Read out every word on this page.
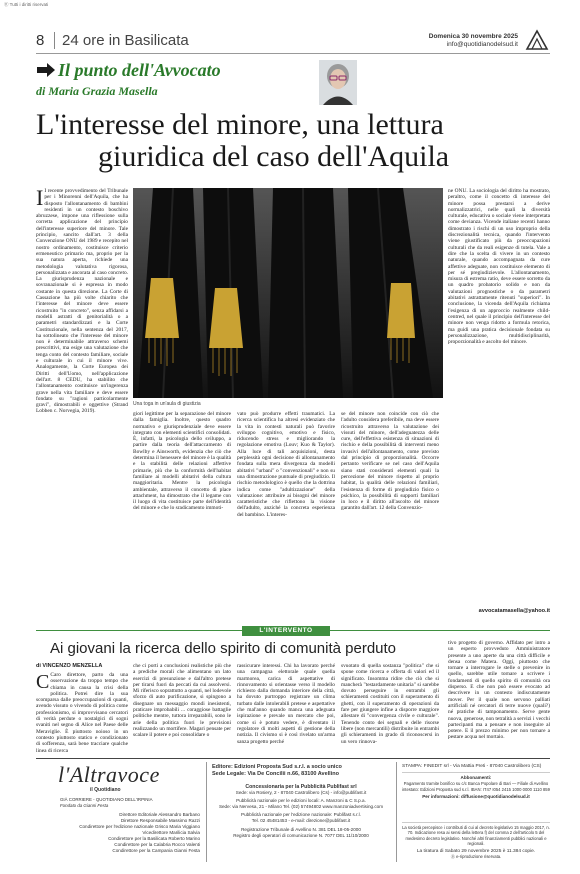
Ⓡ Tutti i diritti riservati
8 24 ore in Basilicata	Domenica 30 novembre 2025
info@quotidianodelsud.it
Il punto dell'Avvocato
di Maria Grazia Masella
L'interesse del minore, una lettura
giuridica del caso dell'Aquila
I I recente provvedimento del Tribunale per i Minorenni dell'Aquila, che ha disposto l'allontanamento di bambini residenti in un contesto boschivo abruzzese, impone una riflessione sulla corretta applicazione del principio dell'interesse superiore del minore. Tale principio, sancito dall'art. 3 della Convenzione ONU del 1989 e recepito nel nostro ordinamento, costituisce criterio ermeneutico primario ma, proprio per la sua natura aperta, richiede una metodologia valutativa rigorosa, personalizzata e ancorata al caso concreto. La giurisprudenza nazionale e sovranazionale si è espressa in modo costante in questa direzione. La Corte di Cassazione ha più volte chiarito che l'interesse del minore deve essere ricostruito "in concreto", senza affidarsi a modelli astratti di genitorialità o a parametri standardizzati e la Corte Costituzionale, nella sentenza del 2017, ha sottolineato che l'interesse del minore non è determinabile attraverso schemi prescrittivi, ma esige una valutazione che tenga conto del contesto familiare, sociale e culturale in cui il minore vive. Analogamente, la Corte Europea dei Diritti dell'Uomo, nell'applicazione dell'art. 8 CEDU, ha stabilito che l'allontanamento costituisce un'ingerenza grave nella vita familiare e deve essere fondato su "ragioni particolarmente gravi", dimostrabili e oggettive (Strand Lobben c. Norvegia, 2019).
Una toga in un'aula di giustizia
giori legittime per la separazione del minore dalla famiglia. Inoltre, questo quadro normativo e giurisprudenziale deve essere integrato con elementi scientifici consolidati. È, infatti, la psicologia dello sviluppo, a partire dalla teoria dell'attaccamento di Bowlby e Ainsworth, evidenzia che ciò che determina il benessere del minore è la qualità e la stabilità delle relazioni affettive primarie, più che la conformità dell'habitat familiare ai modelli abitativi della cultura maggioritaria. Mentre la psicologia ambientale, attraverso il concetto di place attachment, ha dimostrato che il legame con il luogo di vita costituisce parte dell'identità del minore e che lo sradicamento immoti-
vato può produrre effetti traumatici. La ricerca scientifica ha altresì evidenziato che la vita in contesti naturali può favorire sviluppo cognitivo, emotivo e fisico, riducendo stress e migliorando la regolazione emotiva (Louv; Kuo & Taylor). Alla luce di tali acquisizioni, desta perplessità ogni decisione di allontanamento fondata sulla mera divergenza da modelli abitativi "urbani" o "convenzionali" e non su una dimostrazione puntuale di pregiudizio. Il rischio metodologico è quello che la dottrina indica come "adultizzazione" della valutazione: attribuire ai bisogni del minore caratteristiche che riflettono la visione dell'adulto, anziché la concreta esperienza del bambino. L'interes-
se del minore non coincide con ciò che l'adulto considera preferibile, ma deve essere ricostruito attraverso la valutazione dei vissuti del minore, dell'adeguatezza delle cure, dell'effettiva esistenza di situazioni di rischio e della possibilità di interventi meno invasivi dell'allontanamento, come previsto dal principio di proporzionalità. Occorre pertanto verificare se nel caso dell'Aquila siano stati considerati elementi quali la percezione del minore rispetto al proprio habitat, la qualità delle relazioni familiari, l'esistenza di forme di pregiudizio fisico o psichico, la possibilità di supporti familiari in loco e il diritto all'ascolto del minore garantito dall'art. 12 della Convenzio-
ne ONU. La sociologia del diritto ha mostrato, peraltro, come il concetto di interesse del minore possa prestarsi a derive normalizzatrici, nelle quali la diversità culturale, educativa o sociale viene interpretata come devianza. Vicende italiane recenti hanno dimostrato i rischi di un uso improprio della discrezionalità tecnica, quando l'intervento viene giustificato più da preoccupazioni culturali che da reali esigenze di tutela. Vale a dire che la scelta di vivere in un contesto naturale, quando accompagnata da cure affettive adeguate, non costituisce elemento di per sé pregiudizievole. L'allontanamento, misura di estrema ratio, deve essere sorretto da un quadro probatorio solido e non da valutazioni prognostiche o da parametri abitativi astrattamente ritenuti "superiori". In conclusione, la vicenda dell'Aquila richiama l'esigenza di un approccio realmente child-centred, nel quale il principio dell'interesse del minore non venga ridotto a formula retorica, ma guidi una pratica decisionale fondata su personalizzazione, multidisciplinarità, proporzionalità e ascolto del minore.
avvocatamasella@yahoo.it
L'INTERVENTO
Ai giovani la ricerca dello spirito di comunità perduto
di VINCENZO MENZELLA
C Caro direttore, parto da una osservazione da troppo tempo che chiama in causa la crisi della politica. Potrei dire la sua scomparsa dalle preoccupazioni di quanti, avendo vissuto o vivendo di politica come professionismo, si improvvisano cercatori di verità perdute o nostalgici di sogni svaniti nel segno di Alice nel Paese delle Meraviglie. È piuttosto noioso in un contesto piuttosto statico e condizionato di sofferenza, sarà bene tracciare qualche linea di ricerca
che ci porti a conclusioni realistiche più che a prediche morali che alimentano un lato esercizi di presunzione e dall'altro pretese per tirarsi fuori da peccati da cui assolversi. Mi riferisco soprattutto a quanti, nel lodevole sforzo di auto purificazione, si spingono a disegnare un messaggio mondi inesistenti, praticare improbabili ... coraggiose battaglie politiche mentre, tuttora irreparabili, sono le arie della politica fuori le previsioni realizzando un mortifere. Magari pensate per scalare il potere e poi consolidare o
rassicurare interessi. Chi ha lavorato perché una campagna elettorale quale quella marmorea, carica di aspettative di rinnovamento si orientasse verso il modello richiesto dalla domanda interiore della città, ha dovuto purtroppo registrare un clima turbato dalle intolerabili pretese e aspettative che mal'anno quando manca una adeguata ispirazione e prevale un mercato che poi, come si è potuto vedere, è diventato il regolatore di molti aspetti di gestione della notizia. Il civismo si è così rivelato un'arma sanza progetto perché
svuotato di quella sostanza "politica" che si spone come ricerca e offerta di valori ed il significato. Insomma ridire che ciò che si mancherà "testardamente unitaria" si sarebbe dovuto perseguire in entrambi gli schieramenti costituiti con il superamento di ghetti, con il superamento di operazioni da fare per giungere infine a disporre maggiore allestare di "convergenza civile e culturale". Tenendo conto dei segnali e delle risorse libere (non mercantili) distribuite in entrambi gli schieramenti in grado di riconoscersi in un vero rinnova-
tivo progetto di governo. Affidato per intro a un esperto provveduto Amministratore presente a uno aperte da una città difficile e densa come Matera. Oggi, piuttosto che tornare a interrogare le stelle o prevenire in quello, sarebbe utile tornare a scrivere i fondamenti di quello spirito di comunità ora disperso. E che non può essere evocato ad descrivere in un contesto indiscutamente mover. Per il quale non servono palliati artificiali né cercatori di terre nuove (quali?) né pratiche di tamponamento. Serve gente nuova, generose, non tetralità a servizi i vecchi partecipanti ma a pensare e non inseguire al potere. E il prezzo minimo per non tornare a pestare acqua nel mortaio.
l'Altravoce
il Quotidiano
GIÀ CORRIERE - QUOTIDIANO DELL'IRPINIA
Fondato da Gianni Festa
Direttore Editoriale Alessandro Barbano
Direttore Responsabile Massimo Razzi
Condirettore per l'edizione nazionale Grisco Maria Viggiano
Vicedirettore Marilicia Salvia
Condirettore per la Basilicata Roberto Marino
Condirettore per la Calabria Rocco Valenti
Condirettore per la Campania Gianni Festa
Editore: Edizioni Proposta Sud s.r.l. a socio unico
Sede Legale: Via De Concilii n.66, 83100 Avellino
Concessionaria per la Pubblicità Publifast srl
Sede: via Rosiery, 2 - 87040 Castrolibero (Cs) - info@publifast.it
Pubblicità nazionale per le edizioni locali: A. Manzoni & C S.p.a.
Sede: via Nervesa, 21 - Milano Tel. (02) 57494802 www.manzoniadvertising.com
Pubblicità nazionale per l'edizione nazionale: Publifast s.r.l.
Tel. 02 45481453 - e-mail: direzione@publifast.it
Registrazione Tribunale di Avellino N. 381 DEL 18-05-2000
Registro degli operatori di comunicazione N. 7077 DEL 11/10/2000
STAMPA: FINEDIT srl - Via Mattia Preti - 87040 Castrolibero (CS)
Abbonamenti:
Pagamento tramite bonifico su c/c Banca Popolare di Bari — Filiale di Avellino intestato: Edizioni Proposta sud s.r.l. IBAN: IT47 I054 2415 1000 0000 1110 859
Per informazioni: diffusione@quotidianodelsud.it
La società percepisce i contributi di cui al decreto legislativo 15 maggio 2017, n. 70. Indicazione resa ai sensi della lettera f) del comma 2 dell'articolo 5 del medesimo decreto legislativo. Nonché altri finanziamenti pubblici nazionali e regionali.
La tiratura di Sabato 29 novembre 2025 è 11.384 copie.
Ⓡ e-riproduzione riservata.
